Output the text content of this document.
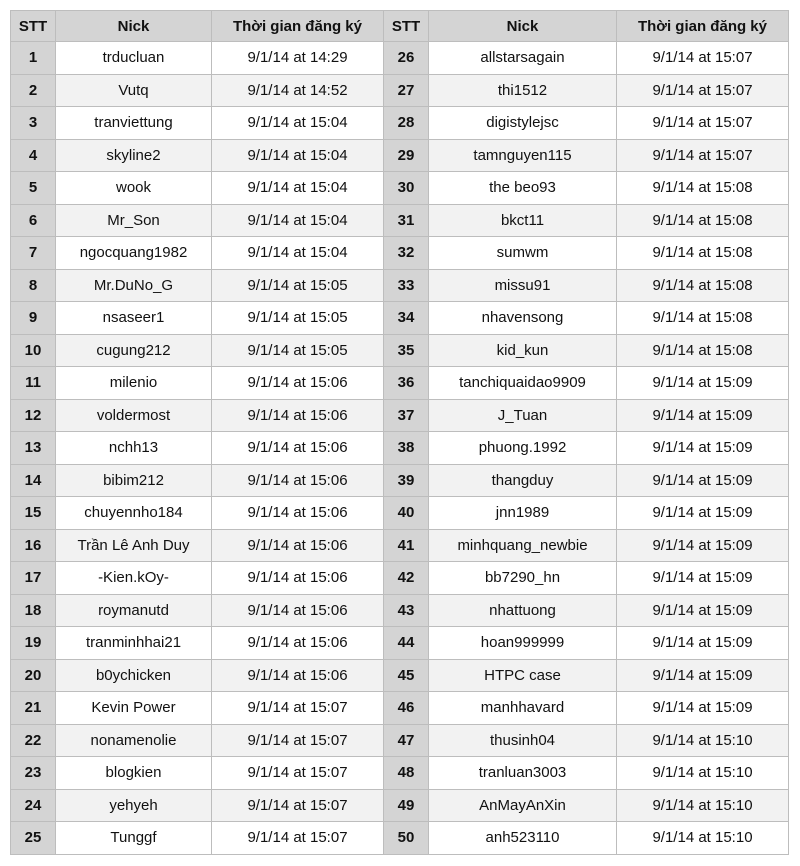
STT	Nick	Thời gian đăng ký	STT	Nick	Thời gian đăng ký
1	trducluan	9/1/14 at 14:29	26	allstarsagain	9/1/14 at 15:07
2	Vutq	9/1/14 at 14:52	27	thi1512	9/1/14 at 15:07
3	tranviettung	9/1/14 at 15:04	28	digistylejsc	9/1/14 at 15:07
4	skyline2	9/1/14 at 15:04	29	tamnguyen115	9/1/14 at 15:07
5	wook	9/1/14 at 15:04	30	the beo93	9/1/14 at 15:08
6	Mr_Son	9/1/14 at 15:04	31	bkct11	9/1/14 at 15:08
7	ngocquang1982	9/1/14 at 15:04	32	sumwm	9/1/14 at 15:08
8	Mr.DuNo_G	9/1/14 at 15:05	33	missu91	9/1/14 at 15:08
9	nsaseer1	9/1/14 at 15:05	34	nhavensong	9/1/14 at 15:08
10	cugung212	9/1/14 at 15:05	35	kid_kun	9/1/14 at 15:08
11	milenio	9/1/14 at 15:06	36	tanchiquaidao9909	9/1/14 at 15:09
12	voldermost	9/1/14 at 15:06	37	J_Tuan	9/1/14 at 15:09
13	nchh13	9/1/14 at 15:06	38	phuong.1992	9/1/14 at 15:09
14	bibim212	9/1/14 at 15:06	39	thangduy	9/1/14 at 15:09
15	chuyennho184	9/1/14 at 15:06	40	jnn1989	9/1/14 at 15:09
16	Trần Lê Anh Duy	9/1/14 at 15:06	41	minhquang_newbie	9/1/14 at 15:09
17	-Kien.kOy-	9/1/14 at 15:06	42	bb7290_hn	9/1/14 at 15:09
18	roymanutd	9/1/14 at 15:06	43	nhattuong	9/1/14 at 15:09
19	tranminhhai21	9/1/14 at 15:06	44	hoan999999	9/1/14 at 15:09
20	b0ychicken	9/1/14 at 15:06	45	HTPC case	9/1/14 at 15:09
21	Kevin Power	9/1/14 at 15:07	46	manhhavard	9/1/14 at 15:09
22	nonamenolie	9/1/14 at 15:07	47	thusinh04	9/1/14 at 15:10
23	blogkien	9/1/14 at 15:07	48	tranluan3003	9/1/14 at 15:10
24	yehyeh	9/1/14 at 15:07	49	AnMayAnXin	9/1/14 at 15:10
25	Tunggf	9/1/14 at 15:07	50	anh523110	9/1/14 at 15:10
